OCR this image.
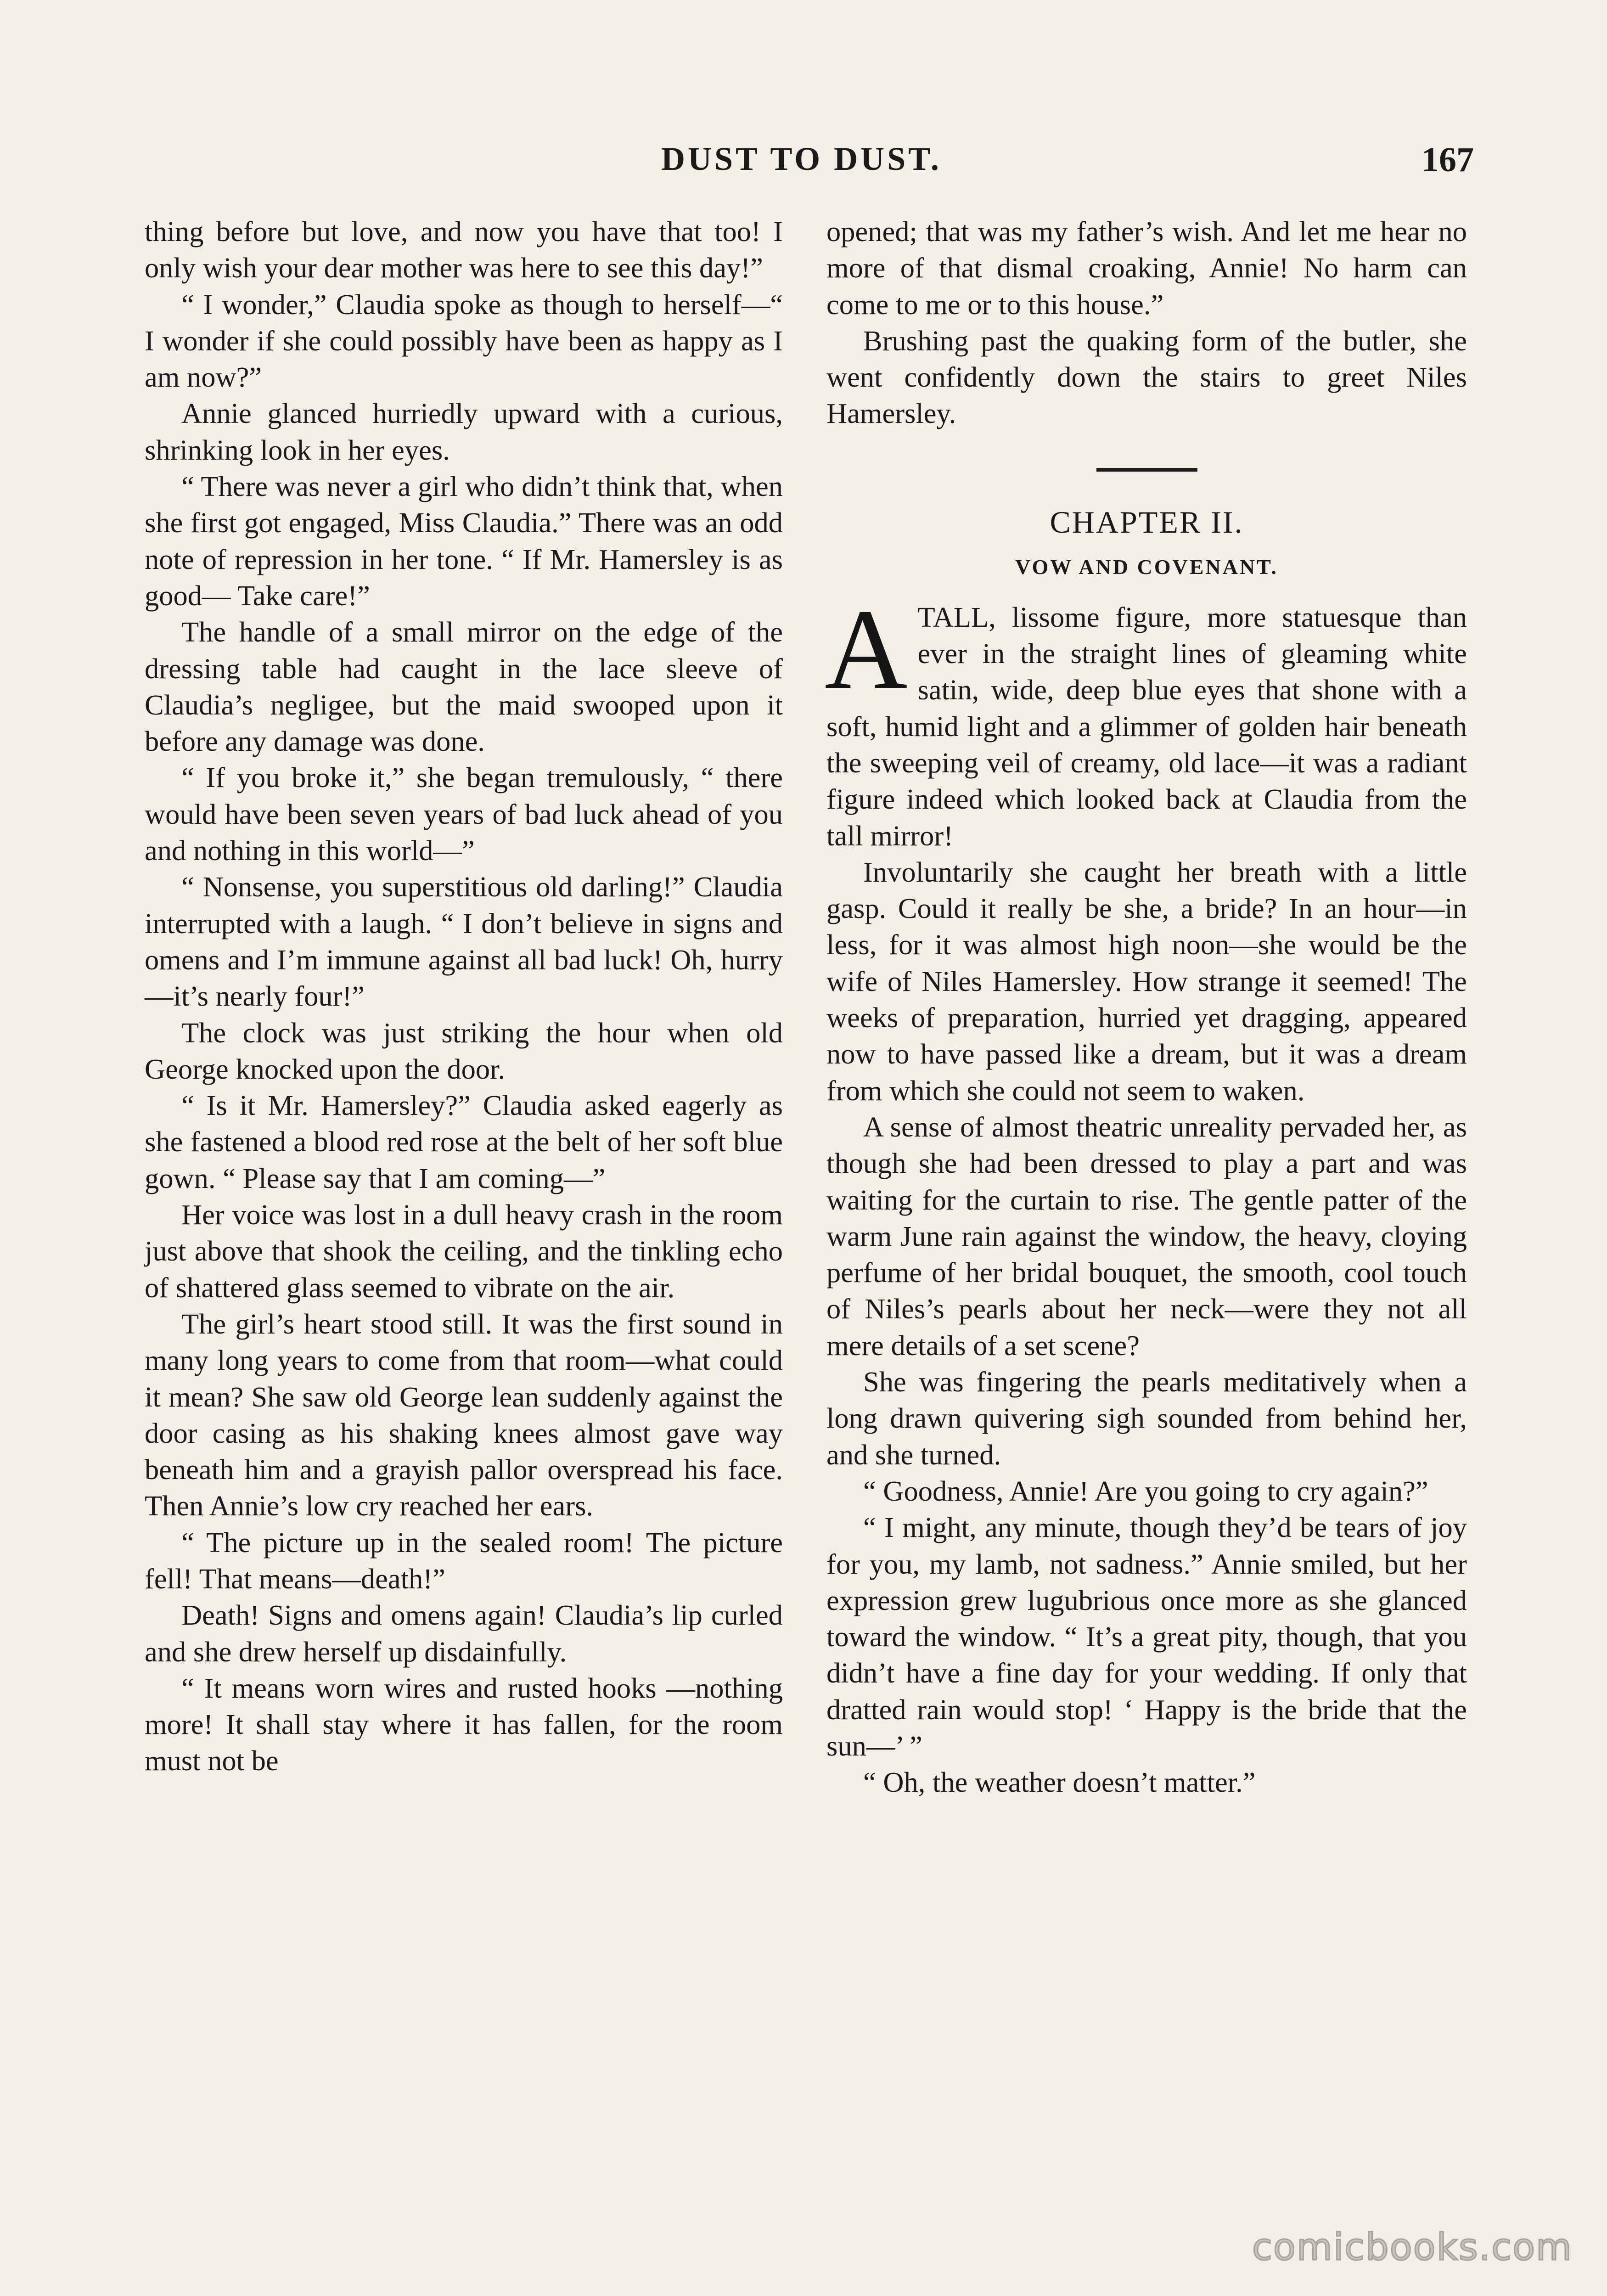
DUST TO DUST.	167

thing before but love, and now you have that too! I only wish your dear mother was here to see this day!”

“ I wonder,” Claudia spoke as though to herself—“ I wonder if she could possibly have been as happy as I am now?”

Annie glanced hurriedly upward with a curious, shrinking look in her eyes.

“ There was never a girl who didn’t think that, when she first got engaged, Miss Claudia.” There was an odd note of repression in her tone. “ If Mr. Hamersley is as good— Take care!”

The handle of a small mirror on the edge of the dressing table had caught in the lace sleeve of Claudia’s negligee, but the maid swooped upon it before any damage was done.

“ If you broke it,” she began tremulously, “ there would have been seven years of bad luck ahead of you and nothing in this world—”

“ Nonsense, you superstitious old darling!” Claudia interrupted with a laugh. “ I don’t believe in signs and omens and I’m immune against all bad luck! Oh, hurry—it’s nearly four!”

The clock was just striking the hour when old George knocked upon the door.

“ Is it Mr. Hamersley?” Claudia asked eagerly as she fastened a blood red rose at the belt of her soft blue gown. “ Please say that I am coming—”

Her voice was lost in a dull heavy crash in the room just above that shook the ceiling, and the tinkling echo of shattered glass seemed to vibrate on the air.

The girl’s heart stood still. It was the first sound in many long years to come from that room—what could it mean? She saw old George lean suddenly against the door casing as his shaking knees almost gave way beneath him and a grayish pallor overspread his face. Then Annie’s low cry reached her ears.

“ The picture up in the sealed room! The picture fell! That means—death!”

Death! Signs and omens again! Claudia’s lip curled and she drew herself up disdainfully.

“ It means worn wires and rusted hooks —nothing more! It shall stay where it has fallen, for the room must not be

opened; that was my father’s wish. And let me hear no more of that dismal croaking, Annie! No harm can come to me or to this house.”

Brushing past the quaking form of the butler, she went confidently down the stairs to greet Niles Hamersley.

CHAPTER II.
VOW AND COVENANT.

ATALL, lissome figure, more statuesque than ever in the straight lines of gleaming white satin, wide, deep blue eyes that shone with a soft, humid light and a glimmer of golden hair beneath the sweeping veil of creamy, old lace—it was a radiant figure indeed which looked back at Claudia from the tall mirror!

Involuntarily she caught her breath with a little gasp. Could it really be she, a bride? In an hour—in less, for it was almost high noon—she would be the wife of Niles Hamersley. How strange it seemed! The weeks of preparation, hurried yet dragging, appeared now to have passed like a dream, but it was a dream from which she could not seem to waken.

A sense of almost theatric unreality pervaded her, as though she had been dressed to play a part and was waiting for the curtain to rise. The gentle patter of the warm June rain against the window, the heavy, cloying perfume of her bridal bouquet, the smooth, cool touch of Niles’s pearls about her neck—were they not all mere details of a set scene?

She was fingering the pearls meditatively when a long drawn quivering sigh sounded from behind her, and she turned.

“ Goodness, Annie! Are you going to cry again?”

“ I might, any minute, though they’d be tears of joy for you, my lamb, not sadness.” Annie smiled, but her expression grew lugubrious once more as she glanced toward the window. “ It’s a great pity, though, that you didn’t have a fine day for your wedding. If only that dratted rain would stop! ‘ Happy is the bride that the sun—’ ”

“ Oh, the weather doesn’t matter.”

comicbooks.com
